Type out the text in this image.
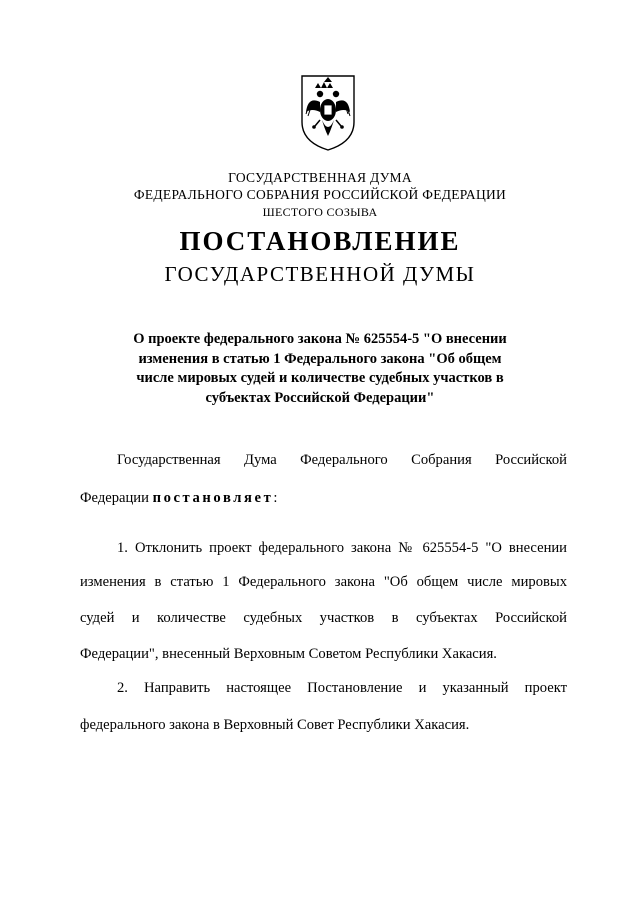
ГОСУДАРСТВЕННАЯ ДУМА
ФЕДЕРАЛЬНОГО СОБРАНИЯ РОССИЙСКОЙ ФЕДЕРАЦИИ
ШЕСТОГО СОЗЫВА
ПОСТАНОВЛЕНИЕ
ГОСУДАРСТВЕННОЙ ДУМЫ
О проекте федерального закона № 625554-5 "О внесении
изменения в статью 1 Федерального закона "Об общем
числе мировых судей и количестве судебных участков в
субъектах Российской Федерации"
Государственная Дума Федерального Собрания Российской
Федерации постановляет:
1. Отклонить проект федерального закона № 625554-5 "О внесении
изменения в статью 1 Федерального закона "Об общем числе мировых
судей и количестве судебных участков в субъектах Российской
Федерации", внесенный Верховным Советом Республики Хакасия.
2. Направить настоящее Постановление и указанный проект
федерального закона в Верховный Совет Республики Хакасия.
